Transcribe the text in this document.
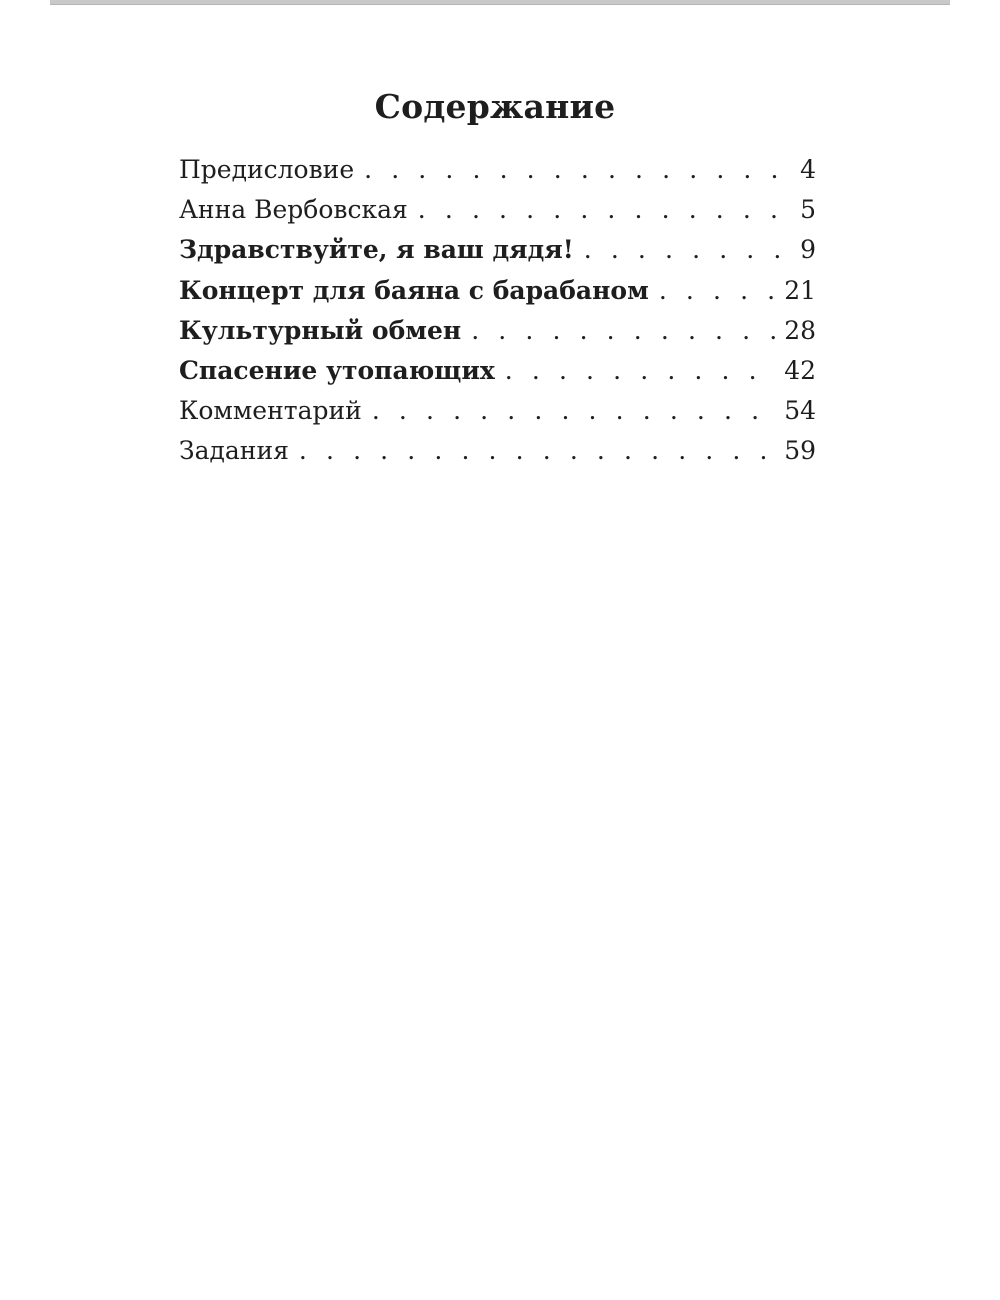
Содержание
Предисловие . . .	4
Анна Вербовская . . .	5
Здравствуйте, я ваш дядя! . . .	9
Концерт для баяна с барабаном . . .	21
Культурный обмен . . .	28
Спасение утопающих . . .	42
Комментарий . . .	54
Задания . . .	59
